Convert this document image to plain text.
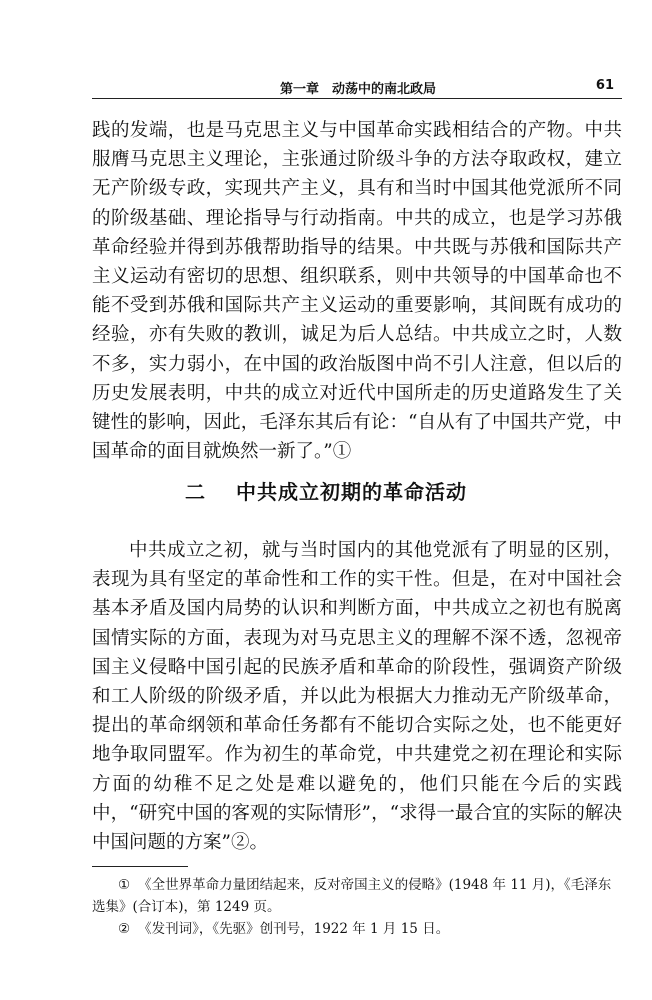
第一章　动荡中的南北政局	61

践的发端，也是马克思主义与中国革命实践相结合的产物。中共服膺马克思主义理论，主张通过阶级斗争的方法夺取政权，建立无产阶级专政，实现共产主义，具有和当时中国其他党派所不同的阶级基础、理论指导与行动指南。中共的成立，也是学习苏俄革命经验并得到苏俄帮助指导的结果。中共既与苏俄和国际共产主义运动有密切的思想、组织联系，则中共领导的中国革命也不能不受到苏俄和国际共产主义运动的重要影响，其间既有成功的经验，亦有失败的教训，诚足为后人总结。中共成立之时，人数不多，实力弱小，在中国的政治版图中尚不引人注意，但以后的历史发展表明，中共的成立对近代中国所走的历史道路发生了关键性的影响，因此，毛泽东其后有论：“自从有了中国共产党，中国革命的面目就焕然一新了。”①

二 中共成立初期的革命活动

中共成立之初，就与当时国内的其他党派有了明显的区别，表现为具有坚定的革命性和工作的实干性。但是，在对中国社会基本矛盾及国内局势的认识和判断方面，中共成立之初也有脱离国情实际的方面，表现为对马克思主义的理解不深不透，忽视帝国主义侵略中国引起的民族矛盾和革命的阶段性，强调资产阶级和工人阶级的阶级矛盾，并以此为根据大力推动无产阶级革命，提出的革命纲领和革命任务都有不能切合实际之处，也不能更好地争取同盟军。作为初生的革命党，中共建党之初在理论和实际方面的幼稚不足之处是难以避免的，他们只能在今后的实践中，“研究中国的客观的实际情形”，“求得一最合宜的实际的解决中国问题的方案”②。

① 《全世界革命力量团结起来，反对帝国主义的侵略》(1948 年 11 月)，《毛泽东选集》(合订本)，第 1249 页。

② 《发刊词》，《先驱》创刊号，1922 年 1 月 15 日。
